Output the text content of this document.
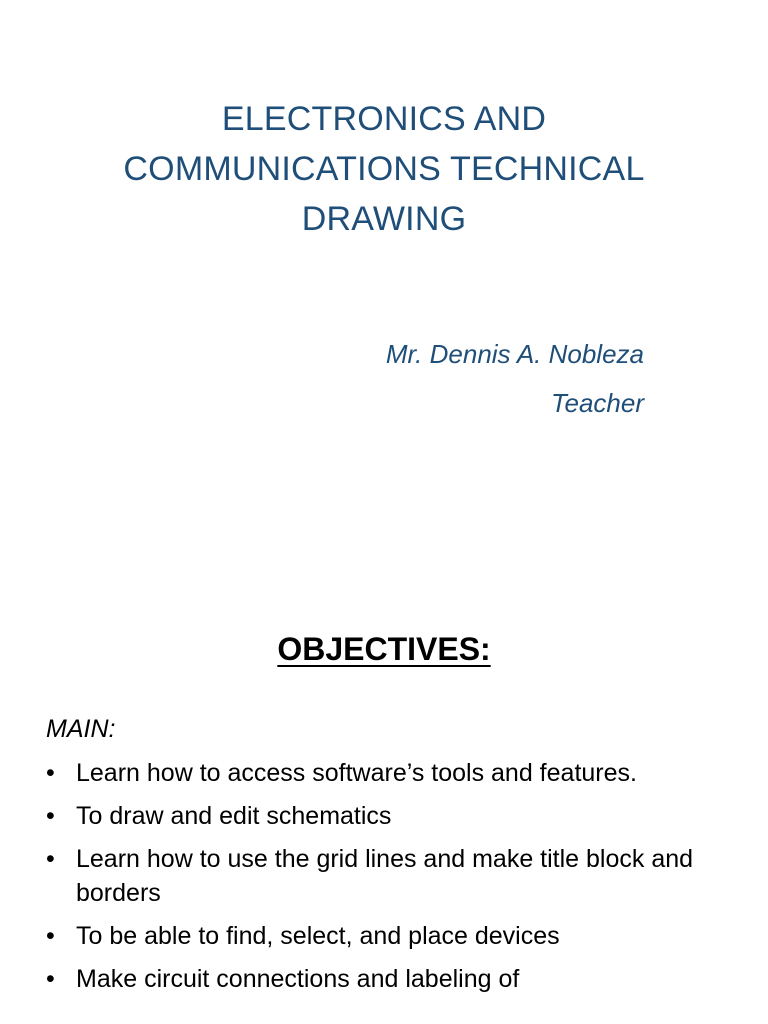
ELECTRONICS AND
COMMUNICATIONS TECHNICAL
DRAWING
Mr. Dennis A. Nobleza
Teacher
OBJECTIVES:

MAIN:

• Learn how to access software’s tools and features.
• To draw and edit schematics
• Learn how to use the grid lines and make title block and borders
• To be able to find, select, and place devices
• Make circuit connections and labeling of
